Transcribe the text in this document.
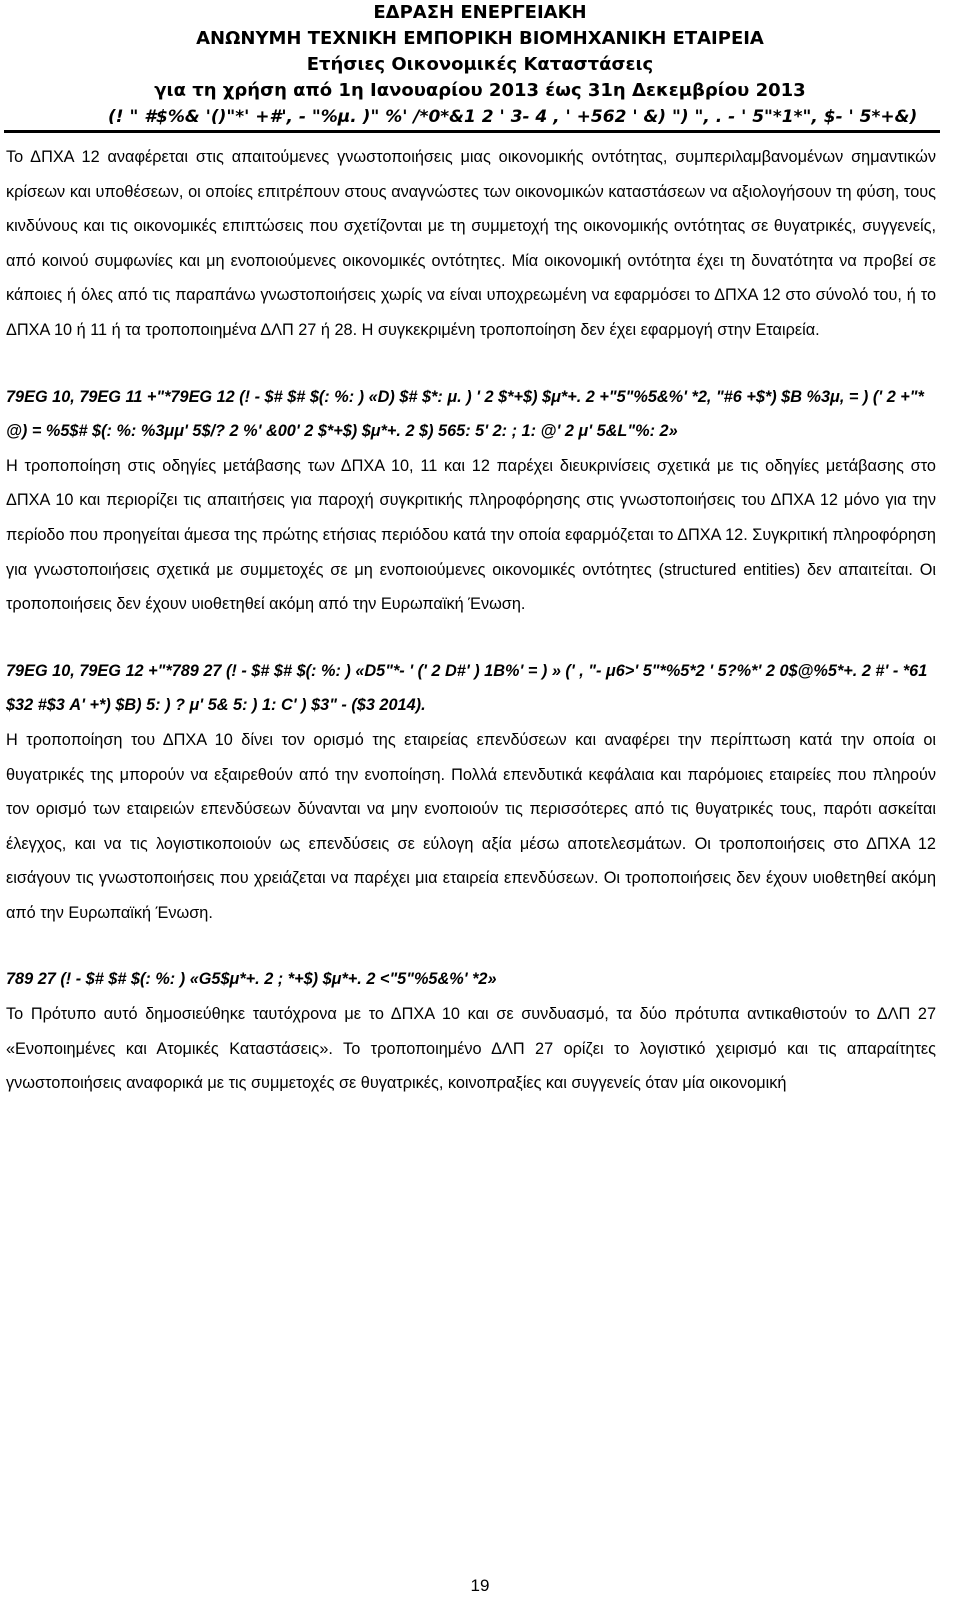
ΕΔΡΑΣΗ ΕΝΕΡΓΕΙΑΚΗ
ΑΝΩΝΥΜΗ ΤΕΧΝΙΚΗ ΕΜΠΟΡΙΚΗ ΒΙΟΜΗΧΑΝΙΚΗ ΕΤΑΙΡΕΙΑ
Ετήσιες Οικονομικές Καταστάσεις
για τη χρήση από 1η Ιανουαρίου 2013 έως 31η Δεκεμβρίου 2013
(! " #$%& '()"*' +#', - "%μ. )" %' /*0*&1 2 ' 3- 4 , ' +562 ' &) ") ", . - ' 5"*1*", $- ' 5*+&)

Το ΔΠΧΑ 12 αναφέρεται στις απαιτούμενες γνωστοποιήσεις μιας οικονομικής οντότητας, συμπεριλαμβανομένων σημαντικών κρίσεων και υποθέσεων, οι οποίες επιτρέπουν στους αναγνώστες των οικονομικών καταστάσεων να αξιολογήσουν τη φύση, τους κινδύνους και τις οικονομικές επιπτώσεις που σχετίζονται με τη συμμετοχή της οικονομικής οντότητας σε θυγατρικές, συγγενείς, από κοινού συμφωνίες και μη ενοποιούμενες οικονομικές οντότητες. Μία οικονομική οντότητα έχει τη δυνατότητα να προβεί σε κάποιες ή όλες από τις παραπάνω γνωστοποιήσεις χωρίς να είναι υποχρεωμένη να εφαρμόσει το ΔΠΧΑ 12 στο σύνολό του, ή το ΔΠΧΑ 10 ή 11 ή τα τροποποιημένα ΔΛΠ 27 ή 28. Η συγκεκριμένη τροποποίηση δεν έχει εφαρμογή στην Εταιρεία.

79EG 10, 79EG 11 +"*79EG 12 (! - $# $# $(: %: ) «D) $# $*: μ. ) ' 2 $*+$) $μ*+. 2 +"5"%5&%' *2, "#6 +$*) $B %3μ, = ) (' 2 +"*@) = %5$# $(: %: %3μμ' 5$/? 2 %' &00' 2 $*+$) $μ*+. 2 $) 565: 5' 2: ; 1: @' 2 μ' 5&L"%: 2»

Η τροποποίηση στις οδηγίες μετάβασης των ΔΠΧΑ 10, 11 και 12 παρέχει διευκρινίσεις σχετικά με τις οδηγίες μετάβασης στο ΔΠΧΑ 10 και περιορίζει τις απαιτήσεις για παροχή συγκριτικής πληροφόρησης στις γνωστοποιήσεις του ΔΠΧΑ 12 μόνο για την περίοδο που προηγείται άμεσα της πρώτης ετήσιας περιόδου κατά την οποία εφαρμόζεται το ΔΠΧΑ 12. Συγκριτική πληροφόρηση για γνωστοποιήσεις σχετικά με συμμετοχές σε μη ενοποιούμενες οικονομικές οντότητες (structured entities) δεν απαιτείται. Οι τροποποιήσεις δεν έχουν υιοθετηθεί ακόμη από την Ευρωπαϊκή Ένωση.

79EG 10, 79EG 12 +"*789 27 (! - $# $# $(: %: ) «D5"*- ' (' 2 D#' ) 1B%' = ) » (' , "- μ6>' 5"*%5*2 ' 5?%*' 2 0$@%5*+. 2 #' - *61$32 #$3 A' +*) $B) 5: ) ? μ' 5& 5: ) 1: C' ) $3" - ($3 2014).

Η τροποποίηση του ΔΠΧΑ 10 δίνει τον ορισμό της εταιρείας επενδύσεων και αναφέρει την περίπτωση κατά την οποία οι θυγατρικές της μπορούν να εξαιρεθούν από την ενοποίηση. Πολλά επενδυτικά κεφάλαια και παρόμοιες εταιρείες που πληρούν τον ορισμό των εταιρειών επενδύσεων δύνανται να μην ενοποιούν τις περισσότερες από τις θυγατρικές τους, παρότι ασκείται έλεγχος, και να τις λογιστικοποιούν ως επενδύσεις σε εύλογη αξία μέσω αποτελεσμάτων. Οι τροποποιήσεις στο ΔΠΧΑ 12 εισάγουν τις γνωστοποιήσεις που χρειάζεται να παρέχει μια εταιρεία επενδύσεων. Οι τροποποιήσεις δεν έχουν υιοθετηθεί ακόμη από την Ευρωπαϊκή Ένωση.

789 27 (! - $# $# $(: %: ) «G5$μ*+. 2 ; *+$) $μ*+. 2 <"5"%5&%' *2»

Το Πρότυπο αυτό δημοσιεύθηκε ταυτόχρονα με το ΔΠΧΑ 10 και σε συνδυασμό, τα δύο πρότυπα αντικαθιστούν το ΔΛΠ 27 «Ενοποιημένες και Ατομικές Καταστάσεις». Το τροποποιημένο ΔΛΠ 27 ορίζει το λογιστικό χειρισμό και τις απαραίτητες γνωστοποιήσεις αναφορικά με τις συμμετοχές σε θυγατρικές, κοινοπραξίες και συγγενείς όταν μία οικονομική

19
